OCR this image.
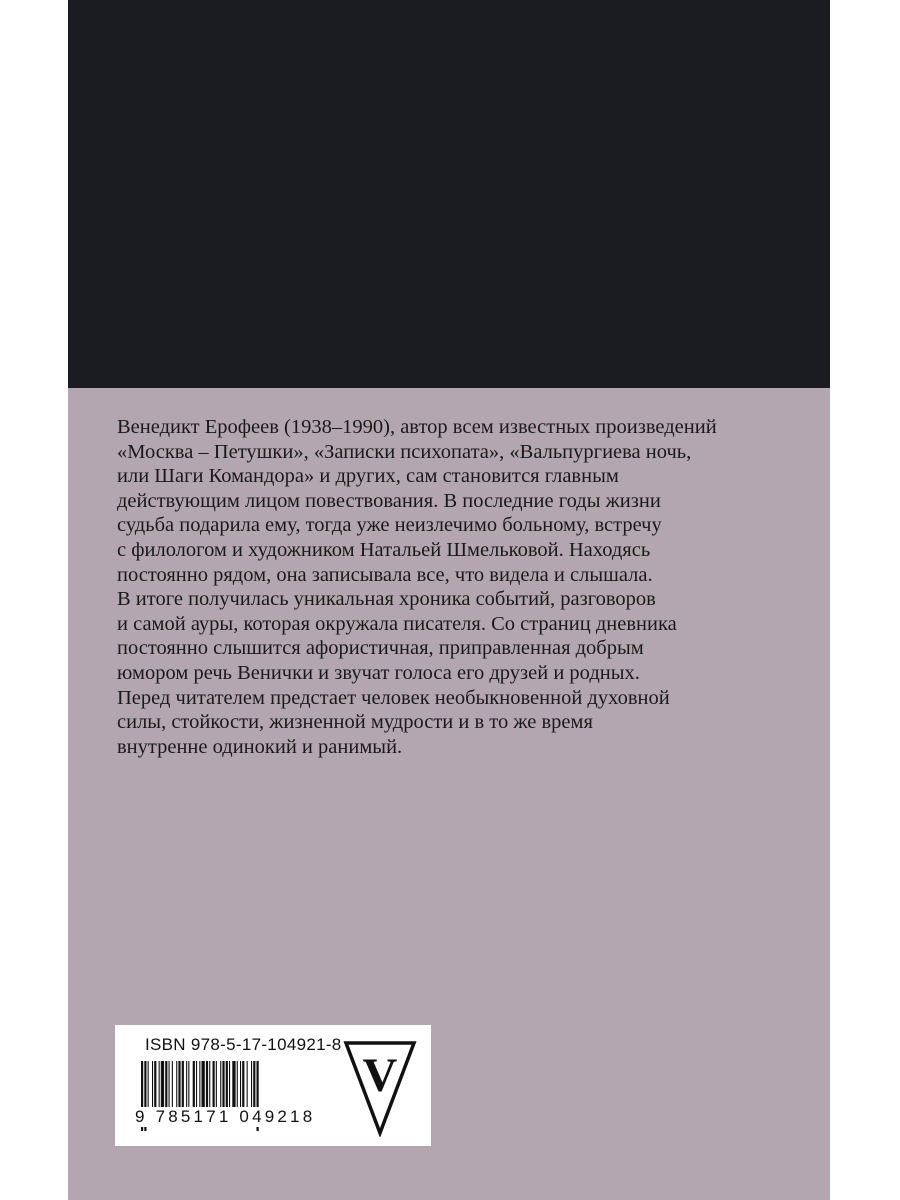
Венедикт Ерофеев (1938–1990), автор всем известных произведений
«Москва – Петушки», «Записки психопата», «Вальпургиева ночь,
или Шаги Командора» и других, сам становится главным
действующим лицом повествования. В последние годы жизни
судьба подарила ему, тогда уже неизлечимо больному, встречу
с филологом и художником Натальей Шмельковой. Находясь
постоянно рядом, она записывала все, что видела и слышала.
В итоге получилась уникальная хроника событий, разговоров
и самой ауры, которая окружала писателя. Со страниц дневника
постоянно слышится афористичная, приправленная добрым
юмором речь Венички и звучат голоса его друзей и родных.
Перед читателем предстает человек необыкновенной духовной
силы, стойкости, жизненной мудрости и в то же время
внутренне одинокий и ранимый.

ISBN 978-5-17-104921-8
9 785171 049218
V
